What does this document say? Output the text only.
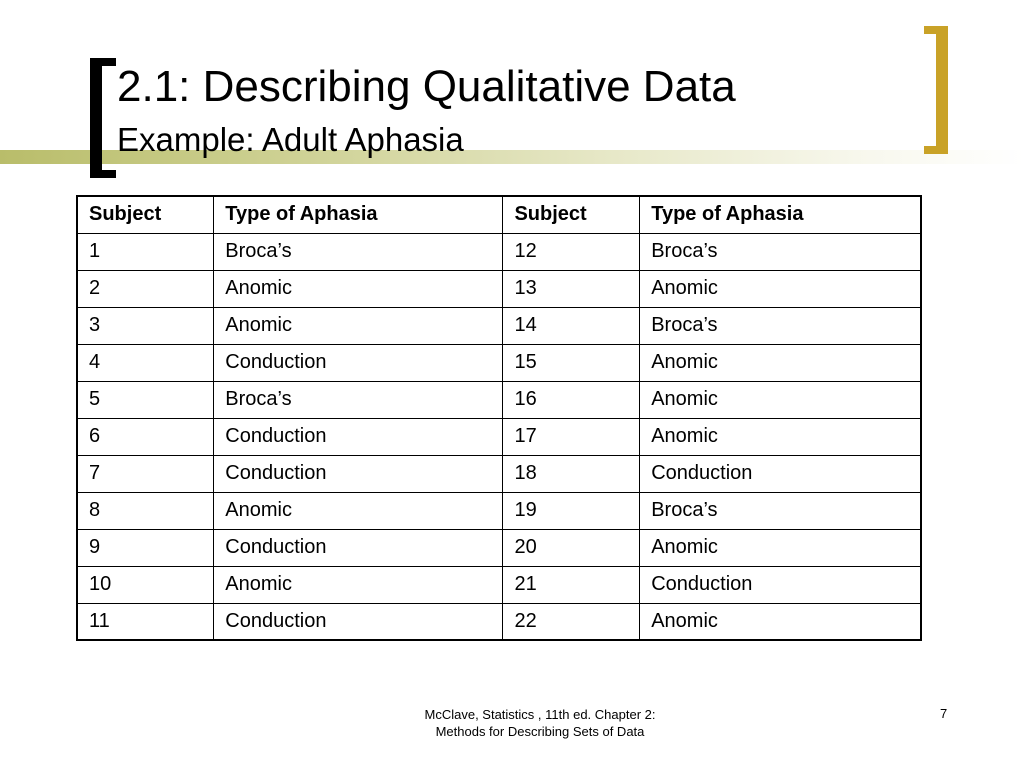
2.1: Describing Qualitative Data
Example: Adult Aphasia
Subject	Type of Aphasia	Subject	Type of Aphasia
1	Broca’s	12	Broca’s
2	Anomic	13	Anomic
3	Anomic	14	Broca’s
4	Conduction	15	Anomic
5	Broca’s	16	Anomic
6	Conduction	17	Anomic
7	Conduction	18	Conduction
8	Anomic	19	Broca’s
9	Conduction	20	Anomic
10	Anomic	21	Conduction
11	Conduction	22	Anomic
McClave, Statistics , 11th ed. Chapter 2:
Methods for Describing Sets of Data
7
